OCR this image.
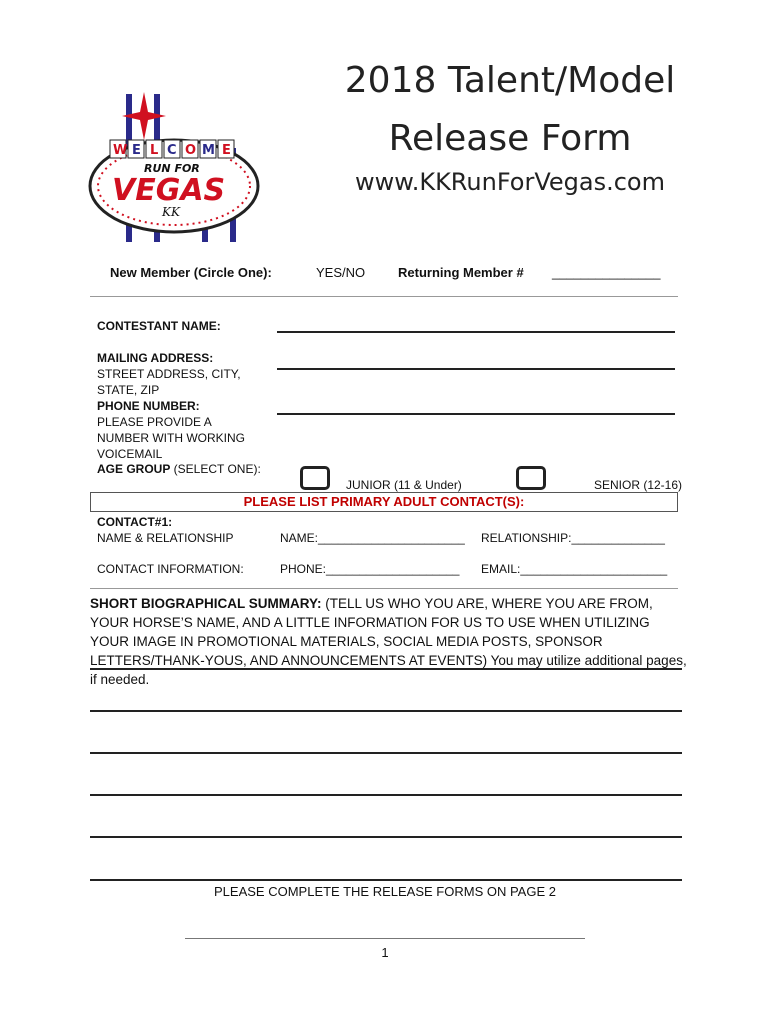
W E L C O M E
RUN FOR
VEGAS
KK
2018 Talent/Model
Release Form
www.KKRunForVegas.com
New Member (Circle One):	YES/NO	Returning Member # _______________
CONTESTANT NAME:
MAILING ADDRESS:
STREET ADDRESS, CITY, STATE, ZIP
PHONE NUMBER:
PLEASE PROVIDE A NUMBER WITH WORKING VOICEMAIL
AGE GROUP (SELECT ONE):
JUNIOR (11 & Under)	SENIOR (12-16)
PLEASE LIST PRIMARY ADULT CONTACT(S):
CONTACT#1:
NAME & RELATIONSHIP	NAME:______________________ RELATIONSHIP:______________
CONTACT INFORMATION:	PHONE:____________________ EMAIL:______________________
SHORT BIOGRAPHICAL SUMMARY: (TELL US WHO YOU ARE, WHERE YOU ARE FROM, YOUR HORSE’S NAME, AND A LITTLE INFORMATION FOR US TO USE WHEN UTILIZING YOUR IMAGE IN PROMOTIONAL MATERIALS, SOCIAL MEDIA POSTS, SPONSOR LETTERS/THANK-YOUS, AND ANNOUNCEMENTS AT EVENTS) You may utilize additional pages, if needed.
PLEASE COMPLETE THE RELEASE FORMS ON PAGE 2
1
